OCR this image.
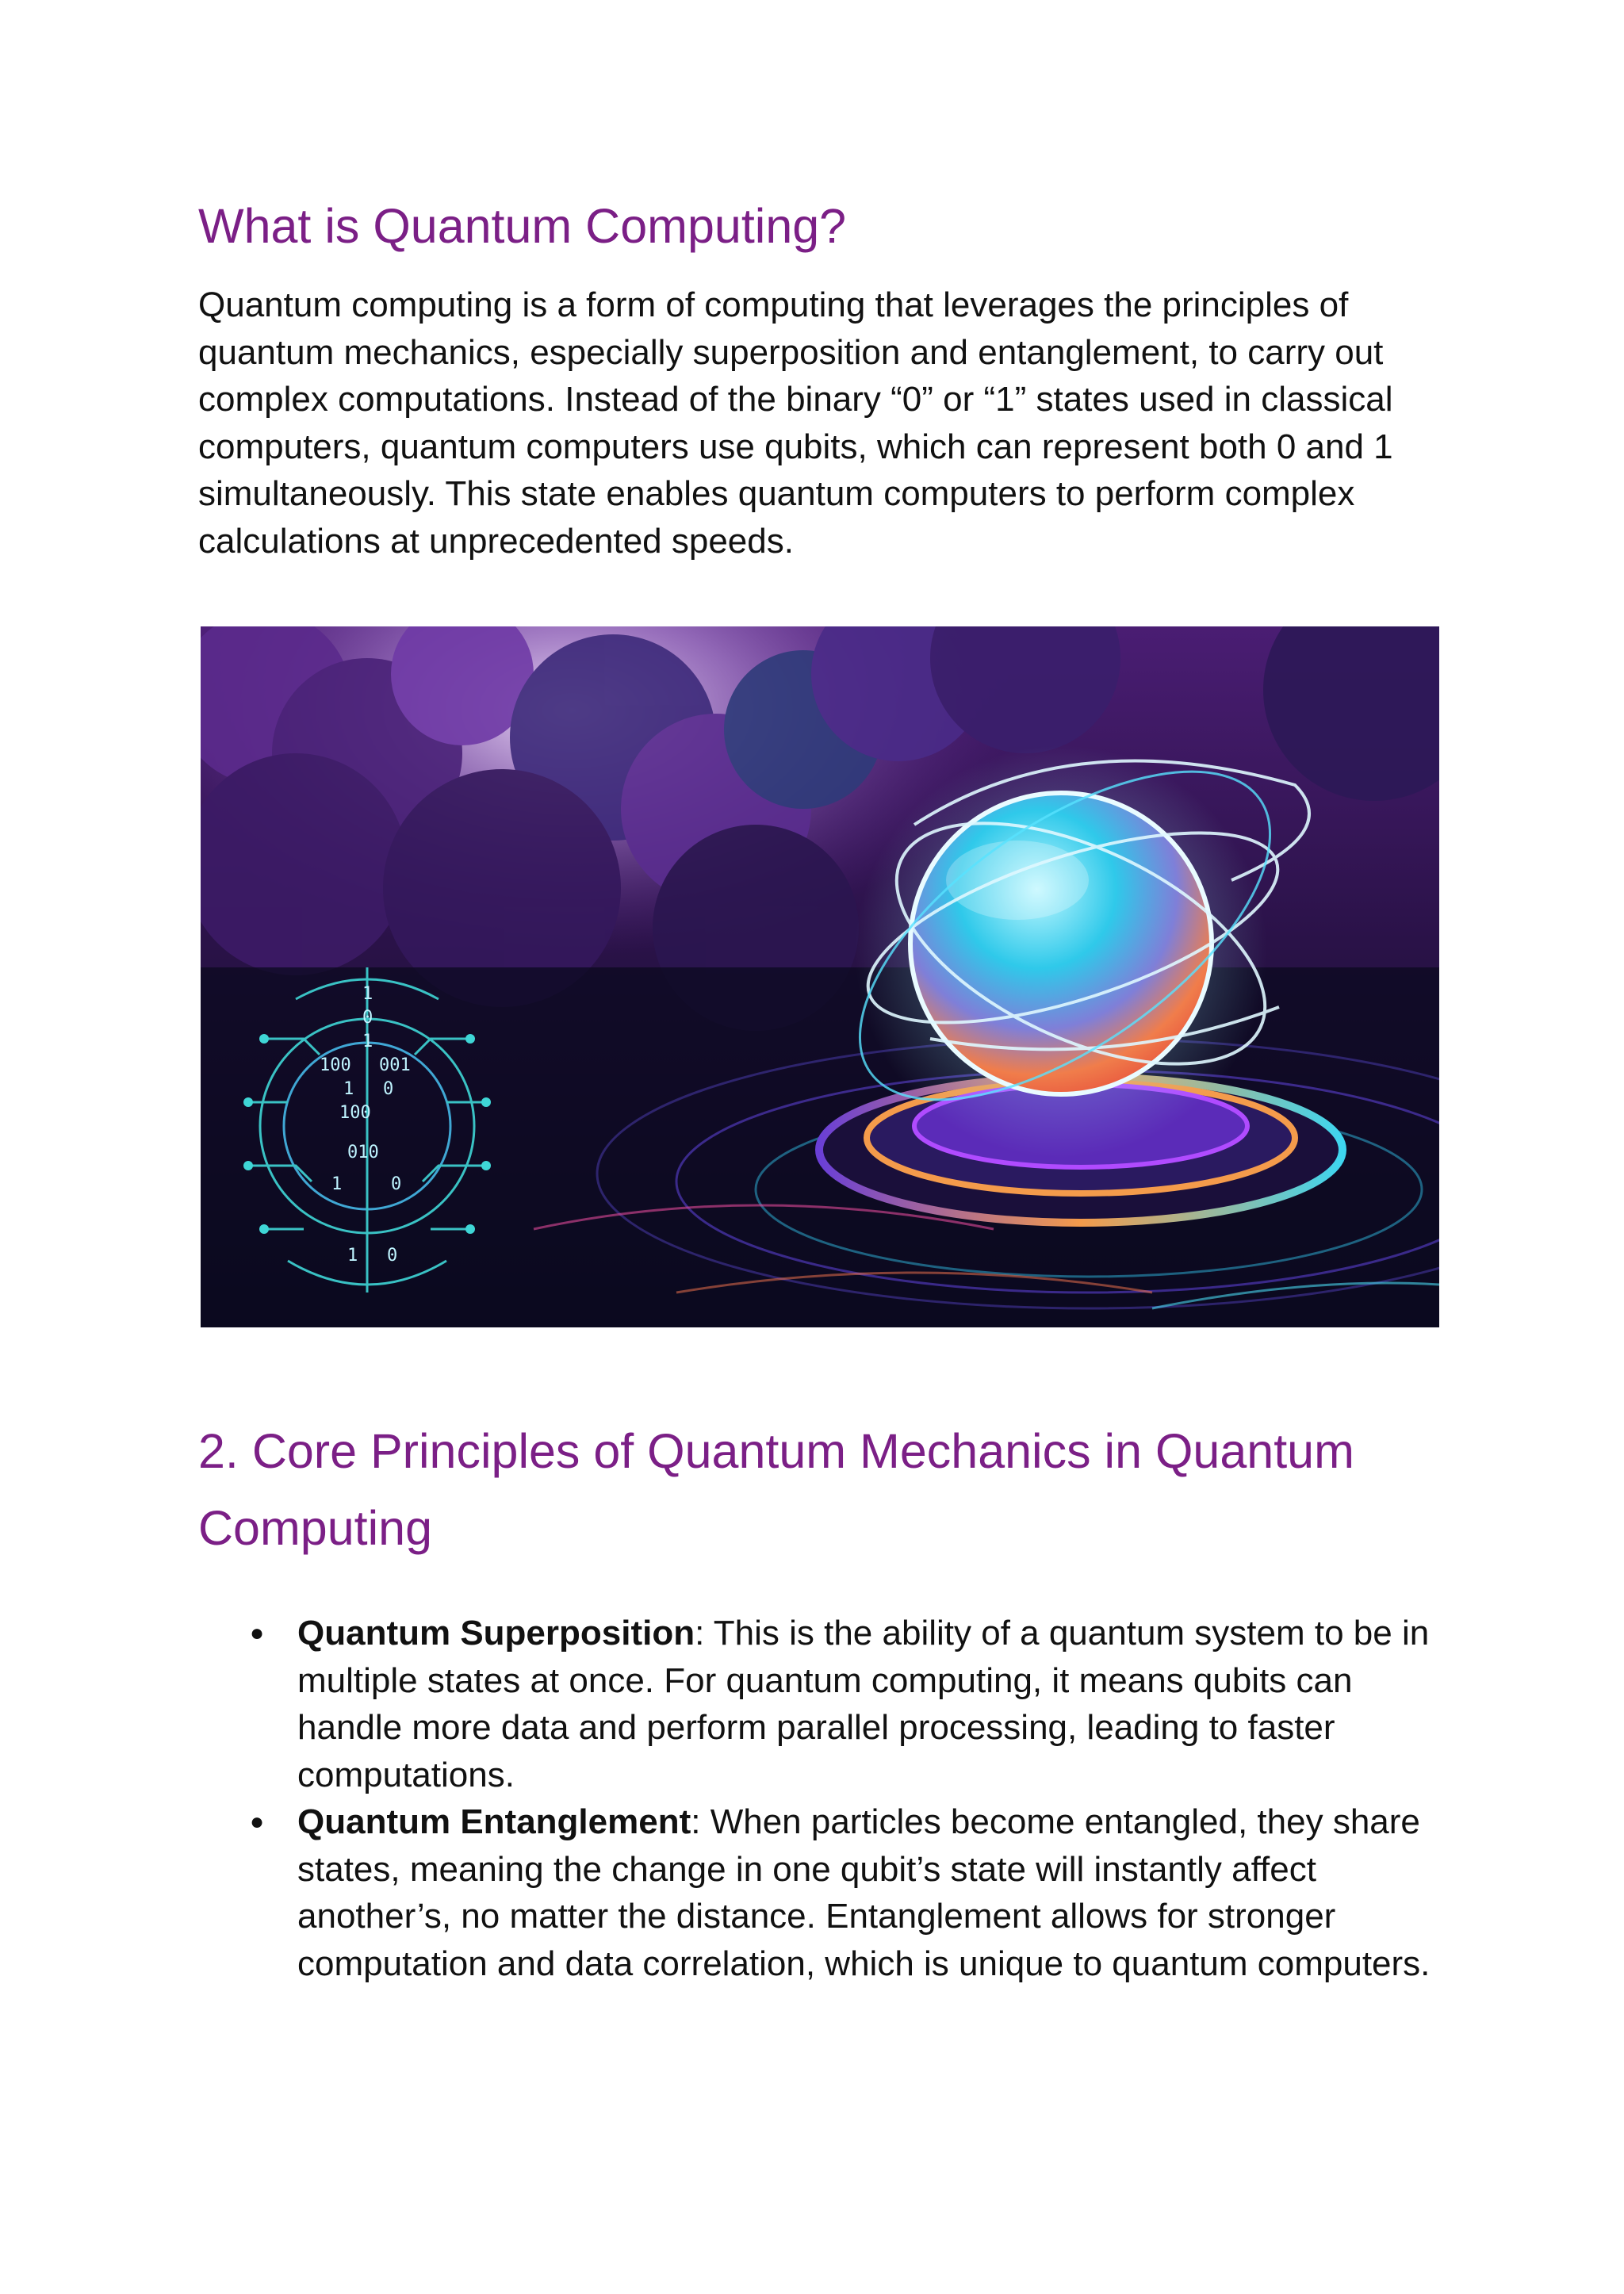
What is Quantum Computing?

Quantum computing is a form of computing that leverages the principles of quantum mechanics, especially superposition and entanglement, to carry out complex computations. Instead of the binary “0” or “1” states used in classical computers, quantum computers use qubits, which can represent both 0 and 1 simultaneously. This state enables quantum computers to perform complex calculations at unprecedented speeds.

1
0
1
100 001
1 0
100
010
1	0
1 0
2. Core Principles of Quantum Mechanics in Quantum Computing
● Quantum Superposition: This is the ability of a quantum system to be in multiple states at once. For quantum computing, it means qubits can handle more data and perform parallel processing, leading to faster computations.
● Quantum Entanglement: When particles become entangled, they share states, meaning the change in one qubit’s state will instantly affect another’s, no matter the distance. Entanglement allows for stronger computation and data correlation, which is unique to quantum computers.
